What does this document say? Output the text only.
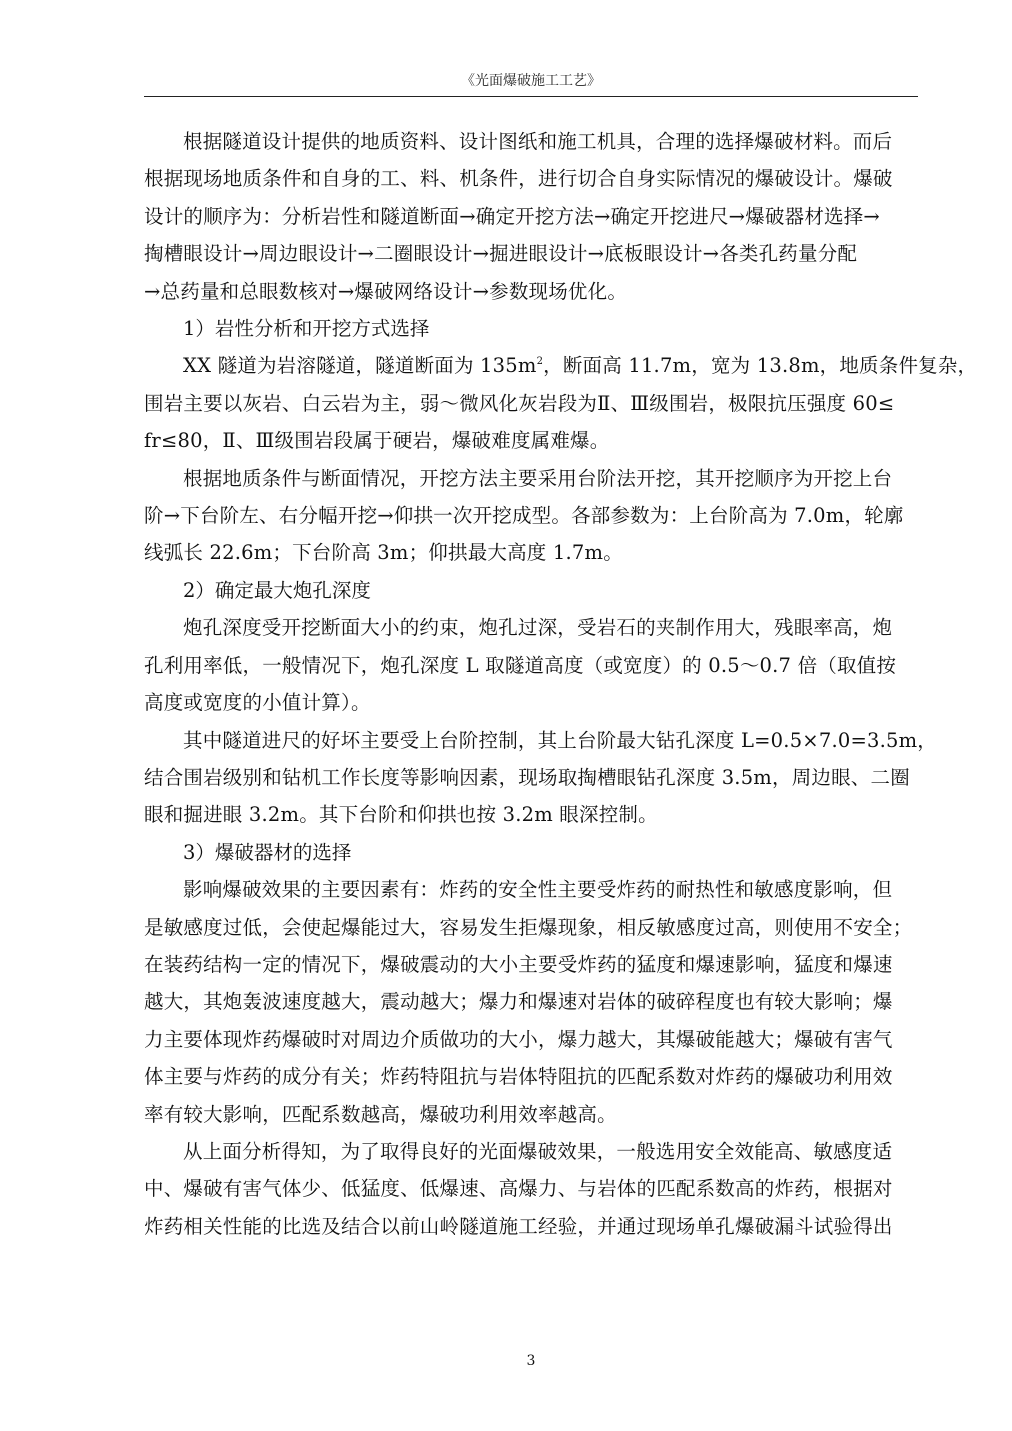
《光面爆破施工工艺》

根据隧道设计提供的地质资料、设计图纸和施工机具，合理的选择爆破材料。而后
根据现场地质条件和自身的工、料、机条件，进行切合自身实际情况的爆破设计。爆破
设计的顺序为：分析岩性和隧道断面→确定开挖方法→确定开挖进尺→爆破器材选择→
掏槽眼设计→周边眼设计→二圈眼设计→掘进眼设计→底板眼设计→各类孔药量分配
→总药量和总眼数核对→爆破网络设计→参数现场优化。

1）岩性分析和开挖方式选择

XX 隧道为岩溶隧道，隧道断面为 $135m^2$，断面高 11.7m，宽为 13.8m，地质条件复杂，
围岩主要以灰岩、白云岩为主，弱～微风化灰岩段为Ⅱ、Ⅲ级围岩，极限抗压强度 60≤
fr≤80，Ⅱ、Ⅲ级围岩段属于硬岩，爆破难度属难爆。

根据地质条件与断面情况，开挖方法主要采用台阶法开挖，其开挖顺序为开挖上台
阶→下台阶左、右分幅开挖→仰拱一次开挖成型。各部参数为：上台阶高为 7.0m，轮廓
线弧长 22.6m；下台阶高 3m；仰拱最大高度 1.7m。

2）确定最大炮孔深度

炮孔深度受开挖断面大小的约束，炮孔过深，受岩石的夹制作用大，残眼率高，炮
孔利用率低，一般情况下，炮孔深度 L 取隧道高度（或宽度）的 0.5～0.7 倍（取值按
高度或宽度的小值计算）。

其中隧道进尺的好坏主要受上台阶控制，其上台阶最大钻孔深度 L=0.5×7.0=3.5m，
结合围岩级别和钻机工作长度等影响因素，现场取掏槽眼钻孔深度 3.5m，周边眼、二圈
眼和掘进眼 3.2m。其下台阶和仰拱也按 3.2m 眼深控制。

3）爆破器材的选择

影响爆破效果的主要因素有：炸药的安全性主要受炸药的耐热性和敏感度影响，但
是敏感度过低，会使起爆能过大，容易发生拒爆现象，相反敏感度过高，则使用不安全；
在装药结构一定的情况下，爆破震动的大小主要受炸药的猛度和爆速影响，猛度和爆速
越大，其炮轰波速度越大，震动越大；爆力和爆速对岩体的破碎程度也有较大影响；爆
力主要体现炸药爆破时对周边介质做功的大小，爆力越大，其爆破能越大；爆破有害气
体主要与炸药的成分有关；炸药特阻抗与岩体特阻抗的匹配系数对炸药的爆破功利用效
率有较大影响，匹配系数越高，爆破功利用效率越高。

从上面分析得知，为了取得良好的光面爆破效果，一般选用安全效能高、敏感度适
中、爆破有害气体少、低猛度、低爆速、高爆力、与岩体的匹配系数高的炸药，根据对
炸药相关性能的比选及结合以前山岭隧道施工经验，并通过现场单孔爆破漏斗试验得出

3
